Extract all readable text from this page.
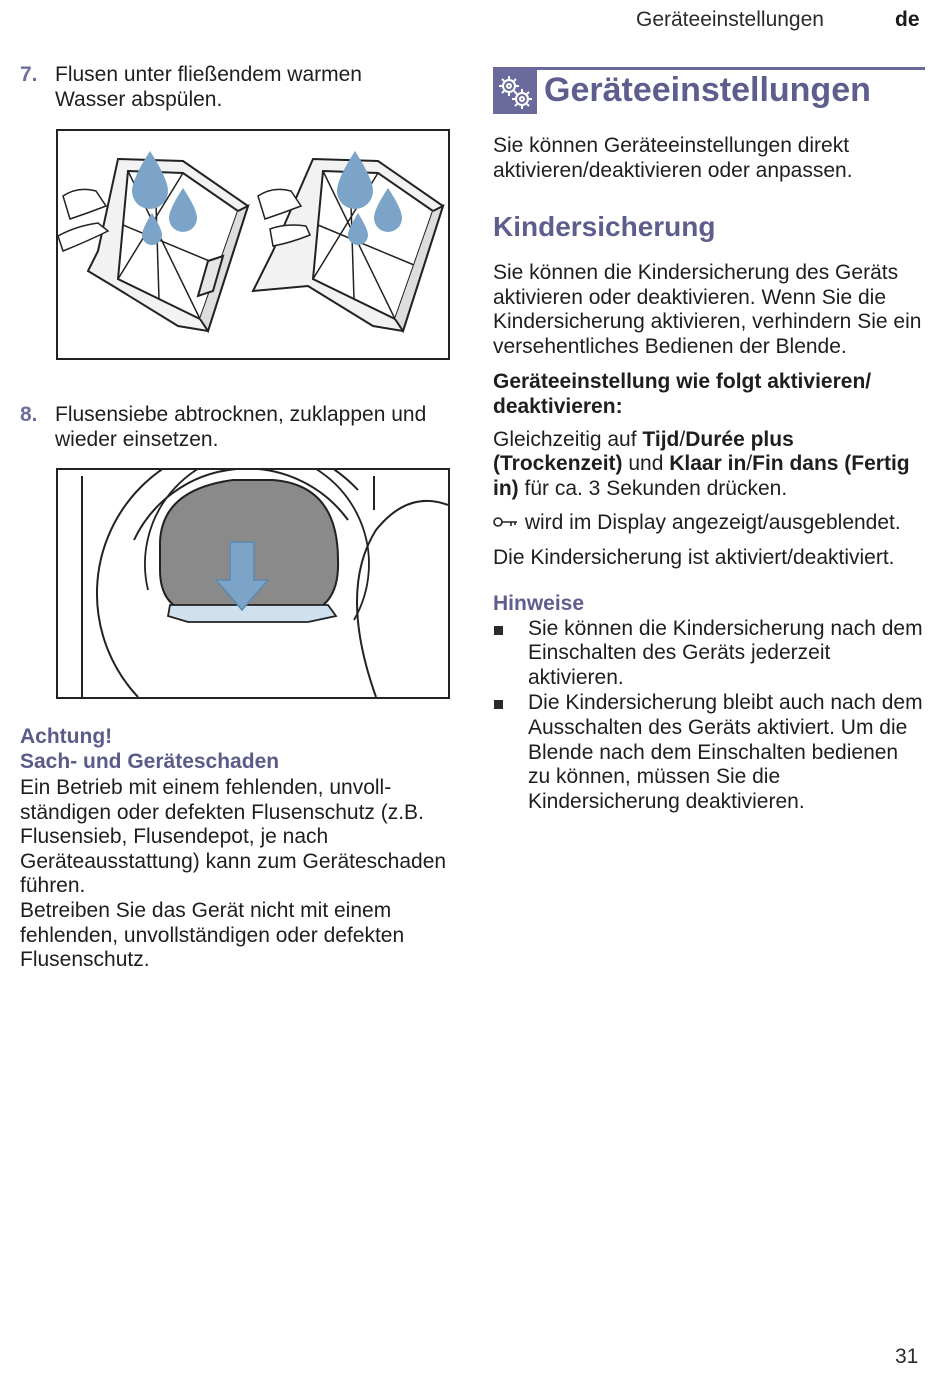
Geräteeinstellungen	de
7. Flusen unter fließendem warmen Wasser abspülen.
8. Flusensiebe abtrocknen, zuklappen und wieder einsetzen.
Achtung!
Sach- und Geräteschaden
Ein Betrieb mit einem fehlenden, unvollständigen oder defekten Flusenschutz (z.B. Flusensieb, Flusendepot, je nach Geräteausstattung) kann zum Geräteschaden führen.
Betreiben Sie das Gerät nicht mit einem fehlenden, unvollständigen oder defekten Flusenschutz.
Geräteeinstellungen
Sie können Geräteeinstellungen direkt aktivieren/deaktivieren oder anpassen.
Kindersicherung
Sie können die Kindersicherung des Geräts aktivieren oder deaktivieren. Wenn Sie die Kindersicherung aktivieren, verhindern Sie ein versehentliches Bedienen der Blende.
Geräteeinstellung wie folgt aktivieren/ deaktivieren:
Gleichzeitig auf Tijd/Durée plus (Trockenzeit) und Klaar in/Fin dans (Fertig in) für ca. 3 Sekunden drücken.
wird im Display angezeigt/ausgeblendet.
Die Kindersicherung ist aktiviert/deaktiviert.
Hinweise
Sie können die Kindersicherung nach dem Einschalten des Geräts jederzeit aktivieren.
Die Kindersicherung bleibt auch nach dem Ausschalten des Geräts aktiviert. Um die Blende nach dem Einschalten bedienen zu können, müssen Sie die Kindersicherung deaktivieren.
31
